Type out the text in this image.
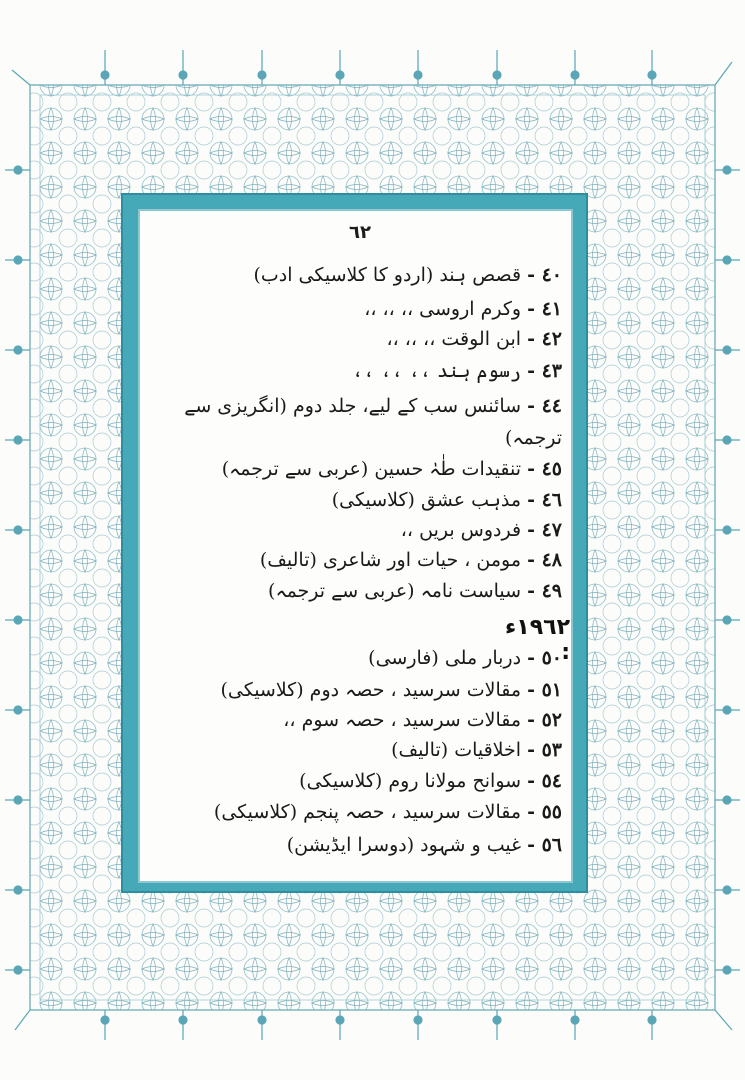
٦٢
٤٠ -قصص ہند (اردو کا کلاسیکی ادب)
٤١ -وکرم اروسی ،، ،، ،،
٤٢ -ابن الوقت ،، ،، ،،
٤٣ -رسوم ہند ،، ،، ،،
٤٤ -سائنس سب کے لیے، جلد دوم (انگریزی سے ترجمہ)
٤٥ -تنقیدات طٰہٰ حسین (عربی سے ترجمہ)
٤٦ -مذہب عشق (کلاسیکی)
٤٧ -فردوس بریں ،،
٤٨ -مومن ، حیات اور شاعری (تالیف)
٤٩ -سیاست نامہ (عربی سے ترجمہ)
١٩٦٢ء :
٥٠ -دربار ملی (فارسی)
٥١ -مقالات سرسید ، حصہ دوم (کلاسیکی)
٥٢ -مقالات سرسید ، حصہ سوم ،،
٥٣ -اخلاقیات (تالیف)
٥٤ -سوانح مولانا روم (کلاسیکی)
٥٥ -مقالات سرسید ، حصہ پنجم (کلاسیکی)
٥٦ -غیب و شہود (دوسرا ایڈیشن)
